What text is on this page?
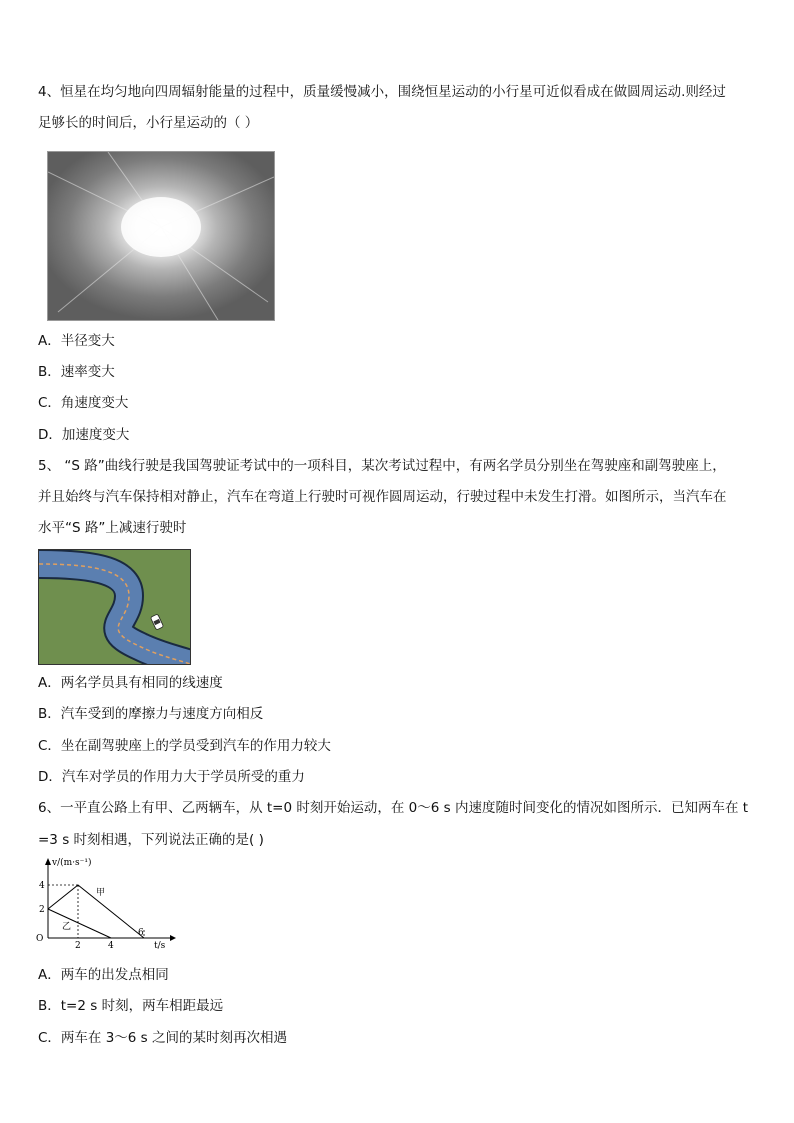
4、恒星在均匀地向四周辐射能量的过程中，质量缓慢减小，围绕恒星运动的小行星可近似看成在做圆周运动.则经过
足够长的时间后，小行星运动的（ ）
A．半径变大
B．速率变大
C．角速度变大
D．加速度变大
5、 “S 路”曲线行驶是我国驾驶证考试中的一项科目，某次考试过程中，有两名学员分别坐在驾驶座和副驾驶座上，
并且始终与汽车保持相对静止，汽车在弯道上行驶时可视作圆周运动，行驶过程中未发生打滑。如图所示，当汽车在
水平“S 路”上减速行驶时
A．两名学员具有相同的线速度
B．汽车受到的摩擦力与速度方向相反
C．坐在副驾驶座上的学员受到汽车的作用力较大
D．汽车对学员的作用力大于学员所受的重力
6、一平直公路上有甲、乙两辆车，从 t=0 时刻开始运动，在 0～6 s 内速度随时间变化的情况如图所示．已知两车在 t
=3 s 时刻相遇，下列说法正确的是( )
v/(m·s⁻¹)
t/s
O
4
2
2	4
6
甲
乙
A．两车的出发点相同
B．t=2 s 时刻，两车相距最远
C．两车在 3～6 s 之间的某时刻再次相遇
